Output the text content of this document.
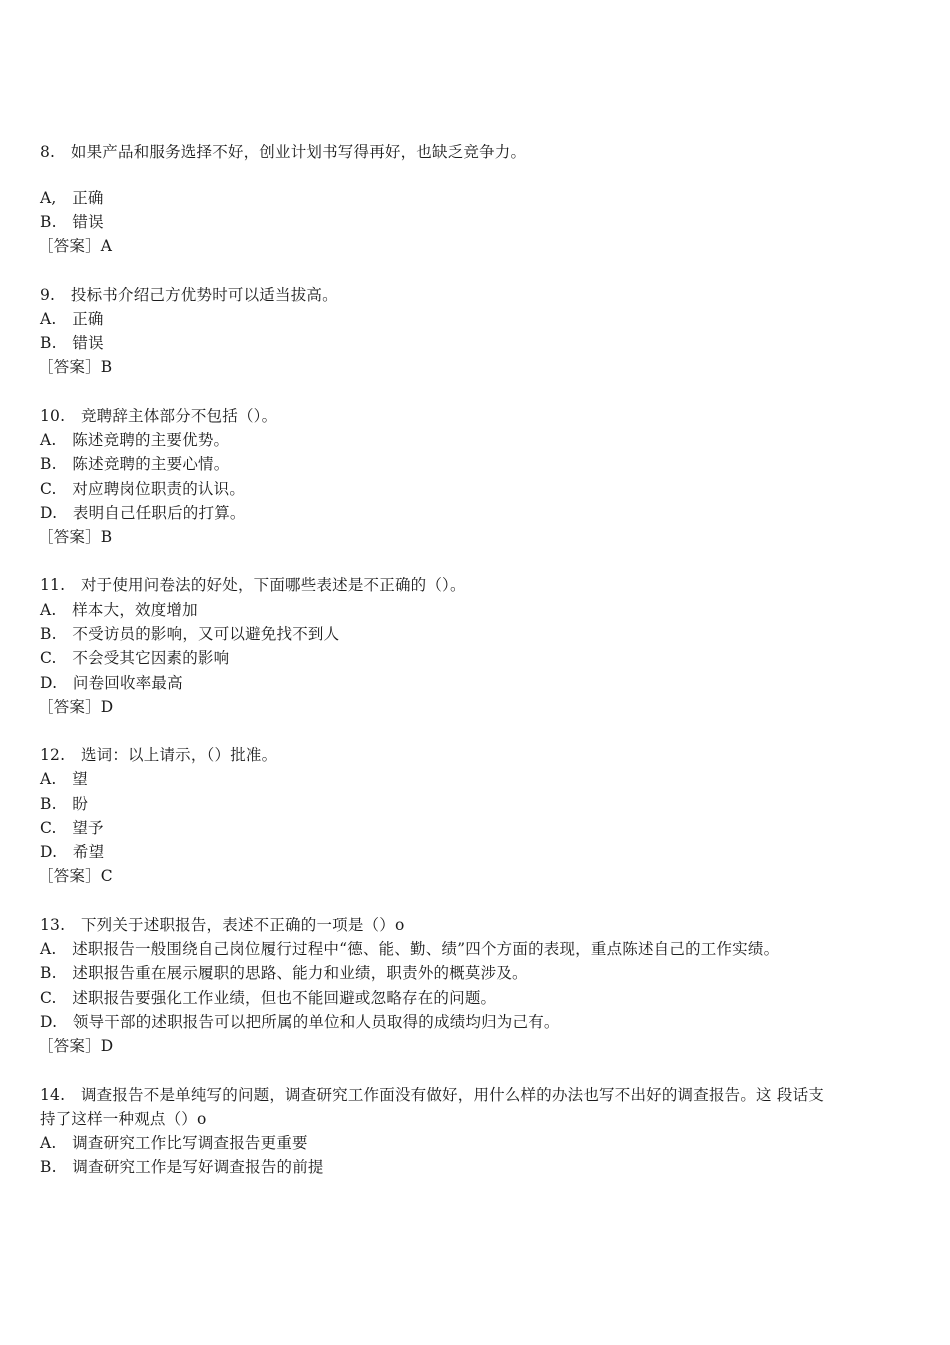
8.　如果产品和服务选择不好，创业计划书写得再好，也缺乏竞争力。
A,　正确
B.　错误
［答案］A
9.　投标书介绍己方优势时可以适当拔高。
A.　正确
B.　错误
［答案］B
10.　竞聘辞主体部分不包括（）。
A.　陈述竞聘的主要优势。
B.　陈述竞聘的主要心情。
C.　对应聘岗位职责的认识。
D.　表明自己任职后的打算。
［答案］B
11.　对于使用问卷法的好处，下面哪些表述是不正确的（）。
A.　样本大，效度增加
B.　不受访员的影响，又可以避免找不到人
C.　不会受其它因素的影响
D.　问卷回收率最高
［答案］D
12.　选词：以上请示，（）批准。
A.　望
B.　盼
C.　望予
D.　希望
［答案］C
13.　下列关于述职报告，表述不正确的一项是（）o
A.　述职报告一般围绕自己岗位履行过程中“德、能、勤、绩”四个方面的表现，重点陈述自己的工作实绩。
B.　述职报告重在展示履职的思路、能力和业绩，职责外的概莫涉及。
C.　述职报告要强化工作业绩，但也不能回避或忽略存在的问题。
D.　领导干部的述职报告可以把所属的单位和人员取得的成绩均归为己有。
［答案］D
14.　调查报告不是单纯写的问题，调查研究工作面没有做好，用什么样的办法也写不出好的调查报告。这 段话支
持了这样一种观点（）o
A.　调查研究工作比写调查报告更重要
B.　调查研究工作是写好调查报告的前提
